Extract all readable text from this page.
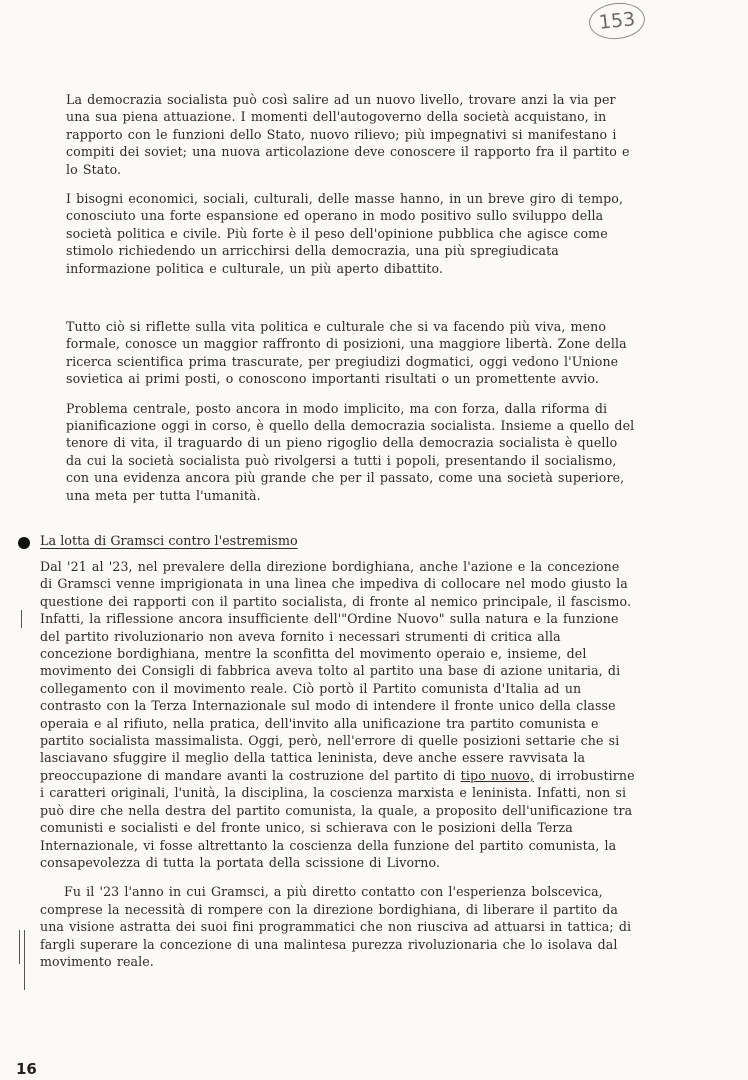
153

La democrazia socialista può così salire ad un nuovo livello, trovare anzi la via per una sua piena attuazione. I momenti dell'autogoverno della società acquistano, in rapporto con le funzioni dello Stato, nuovo rilievo; più impegnativi si manifestano i compiti dei soviet; una nuova articolazione deve conoscere il rapporto fra il partito e lo Stato.

I bisogni economici, sociali, culturali, delle masse hanno, in un breve giro di tempo, conosciuto una forte espansione ed operano in modo positivo sullo sviluppo della società politica e civile. Più forte è il peso dell'opinione pubblica che agisce come stimolo richiedendo un arricchirsi della democrazia, una più spregiudicata informazione politica e culturale, un più aperto dibattito.

Tutto ciò si riflette sulla vita politica e culturale che si va facendo più viva, meno formale, conosce un maggior raffronto di posizioni, una maggiore libertà. Zone della ricerca scientifica prima trascurate, per pregiudizi dogmatici, oggi vedono l'Unione sovietica ai primi posti, o conoscono importanti risultati o un promettente avvio.

Problema centrale, posto ancora in modo implicito, ma con forza, dalla riforma di pianificazione oggi in corso, è quello della democrazia socialista. Insieme a quello del tenore di vita, il traguardo di un pieno rigoglio della democrazia socialista è quello da cui la società socialista può rivolgersi a tutti i popoli, presentando il socialismo, con una evidenza ancora più grande che per il passato, come una società superiore, una meta per tutta l'umanità.

La lotta di Gramsci contro l'estremismo

Dal '21 al '23, nel prevalere della direzione bordighiana, anche l'azione e la concezione di Gramsci venne imprigionata in una linea che impediva di collocare nel modo giusto la questione dei rapporti con il partito socialista, di fronte al nemico principale, il fascismo. Infatti, la riflessione ancora insufficiente dell'"Ordine Nuovo" sulla natura e la funzione del partito rivoluzionario non aveva fornito i necessari strumenti di critica alla concezione bordighiana, mentre la sconfitta del movimento operaio e, insieme, del movimento dei Consigli di fabbrica aveva tolto al partito una base di azione unitaria, di collegamento con il movimento reale. Ciò portò il Partito comunista d'Italia ad un contrasto con la Terza Internazionale sul modo di intendere il fronte unico della classe operaia e al rifiuto, nella pratica, dell'invito alla unificazione tra partito comunista e partito socialista massimalista. Oggi, però, nell'errore di quelle posizioni settarie che si lasciavano sfuggire il meglio della tattica leninista, deve anche essere ravvisata la preoccupazione di mandare avanti la costruzione del partito di tipo nuovo, di irrobustirne i caratteri originali, l'unità, la disciplina, la coscienza marxista e leninista. Infatti, non si può dire che nella destra del partito comunista, la quale, a proposito dell'unificazione tra comunisti e socialisti e del fronte unico, si schierava con le posizioni della Terza Internazionale, vi fosse altrettanto la coscienza della funzione del partito comunista, la consapevolezza di tutta la portata della scissione di Livorno.

Fu il '23 l'anno in cui Gramsci, a più diretto contatto con l'esperienza bolscevica, comprese la necessità di rompere con la direzione bordighiana, di liberare il partito da una visione astratta dei suoi fini programmatici che non riusciva ad attuarsi in tattica; di fargli superare la concezione di una malintesa purezza rivoluzionaria che lo isolava dal movimento reale.

16
